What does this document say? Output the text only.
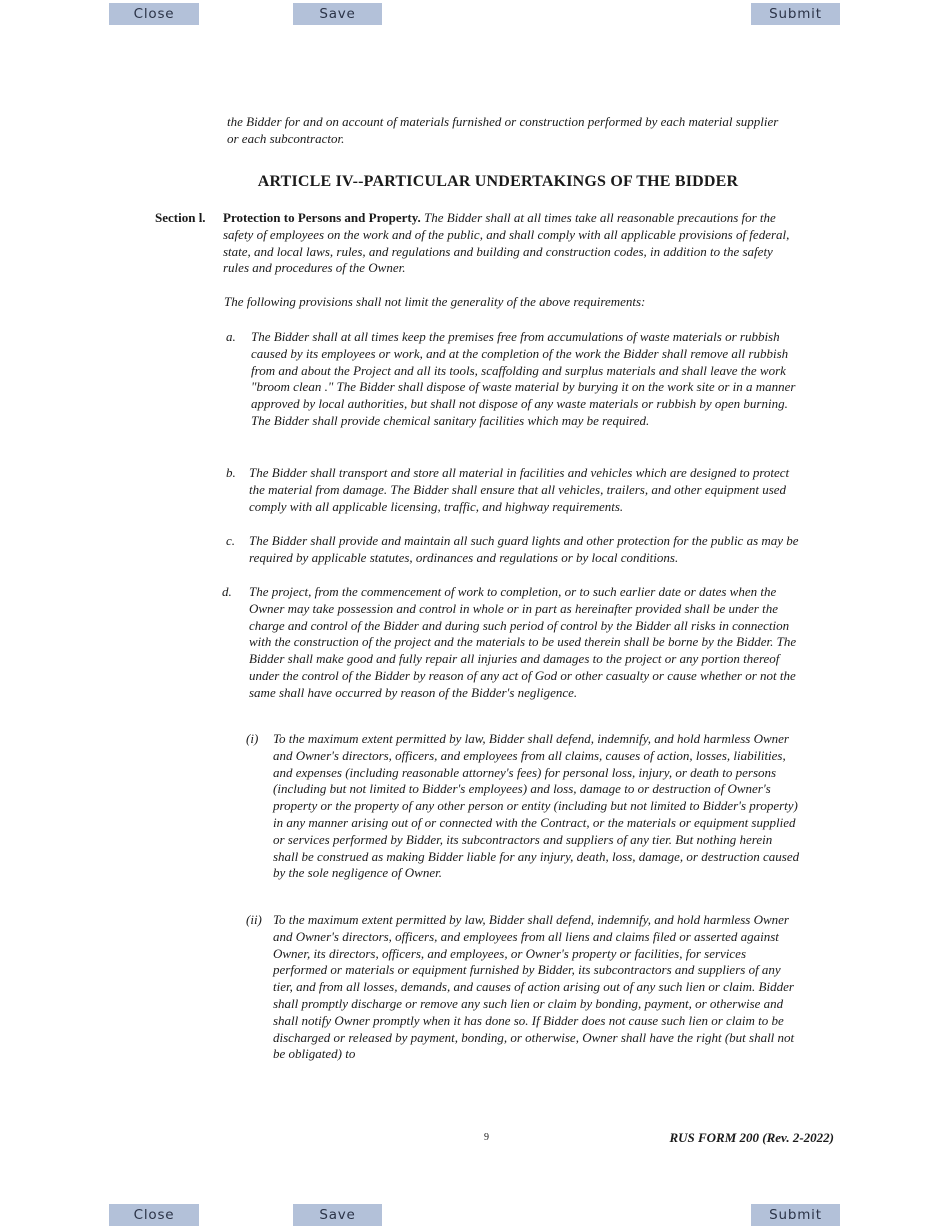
Close	Save	Submit

the Bidder for and on account of materials furnished or construction performed by each material supplier or each subcontractor.

ARTICLE IV--PARTICULAR UNDERTAKINGS OF THE BIDDER
Section l. Protection to Persons and Property. The Bidder shall at all times take all reasonable precautions for the safety of employees on the work and of the public, and shall comply with all applicable provisions of federal, state, and local laws, rules, and regulations and building and construction codes, in addition to the safety rules and procedures of the Owner.

The following provisions shall not limit the generality of the above requirements:

a. The Bidder shall at all times keep the premises free from accumulations of waste materials or rubbish caused by its employees or work, and at the completion of the work the Bidder shall remove all rubbish from and about the Project and all its tools, scaffolding and surplus materials and shall leave the work "broom clean ." The Bidder shall dispose of waste material by burying it on the work site or in a manner approved by local authorities, but shall not dispose of any waste materials or rubbish by open burning. The Bidder shall provide chemical sanitary facilities which may be required.

b. The Bidder shall transport and store all material in facilities and vehicles which are designed to protect the material from damage. The Bidder shall ensure that all vehicles, trailers, and other equipment used comply with all applicable licensing, traffic, and highway requirements.

c. The Bidder shall provide and maintain all such guard lights and other protection for the public as may be required by applicable statutes, ordinances and regulations or by local conditions.

d. The project, from the commencement of work to completion, or to such earlier date or dates when the Owner may take possession and control in whole or in part as hereinafter provided shall be under the charge and control of the Bidder and during such period of control by the Bidder all risks in connection with the construction of the project and the materials to be used therein shall be borne by the Bidder. The Bidder shall make good and fully repair all injuries and damages to the project or any portion thereof under the control of the Bidder by reason of any act of God or other casualty or cause whether or not the same shall have occurred by reason of the Bidder's negligence.

(i) To the maximum extent permitted by law, Bidder shall defend, indemnify, and hold harmless Owner and Owner's directors, officers, and employees from all claims, causes of action, losses, liabilities, and expenses (including reasonable attorney's fees) for personal loss, injury, or death to persons (including but not limited to Bidder's employees) and loss, damage to or destruction of Owner's property or the property of any other person or entity (including but not limited to Bidder's property) in any manner arising out of or connected with the Contract, or the materials or equipment supplied or services performed by Bidder, its subcontractors and suppliers of any tier. But nothing herein shall be construed as making Bidder liable for any injury, death, loss, damage, or destruction caused by the sole negligence of Owner.

(ii) To the maximum extent permitted by law, Bidder shall defend, indemnify, and hold harmless Owner and Owner's directors, officers, and employees from all liens and claims filed or asserted against Owner, its directors, officers, and employees, or Owner's property or facilities, for services performed or materials or equipment furnished by Bidder, its subcontractors and suppliers of any tier, and from all losses, demands, and causes of action arising out of any such lien or claim. Bidder shall promptly discharge or remove any such lien or claim by bonding, payment, or otherwise and shall notify Owner promptly when it has done so. If Bidder does not cause such lien or claim to be discharged or released by payment, bonding, or otherwise, Owner shall have the right (but shall not be obligated) to

9	RUS FORM 200 (Rev. 2-2022)
Close	Save	Submit
